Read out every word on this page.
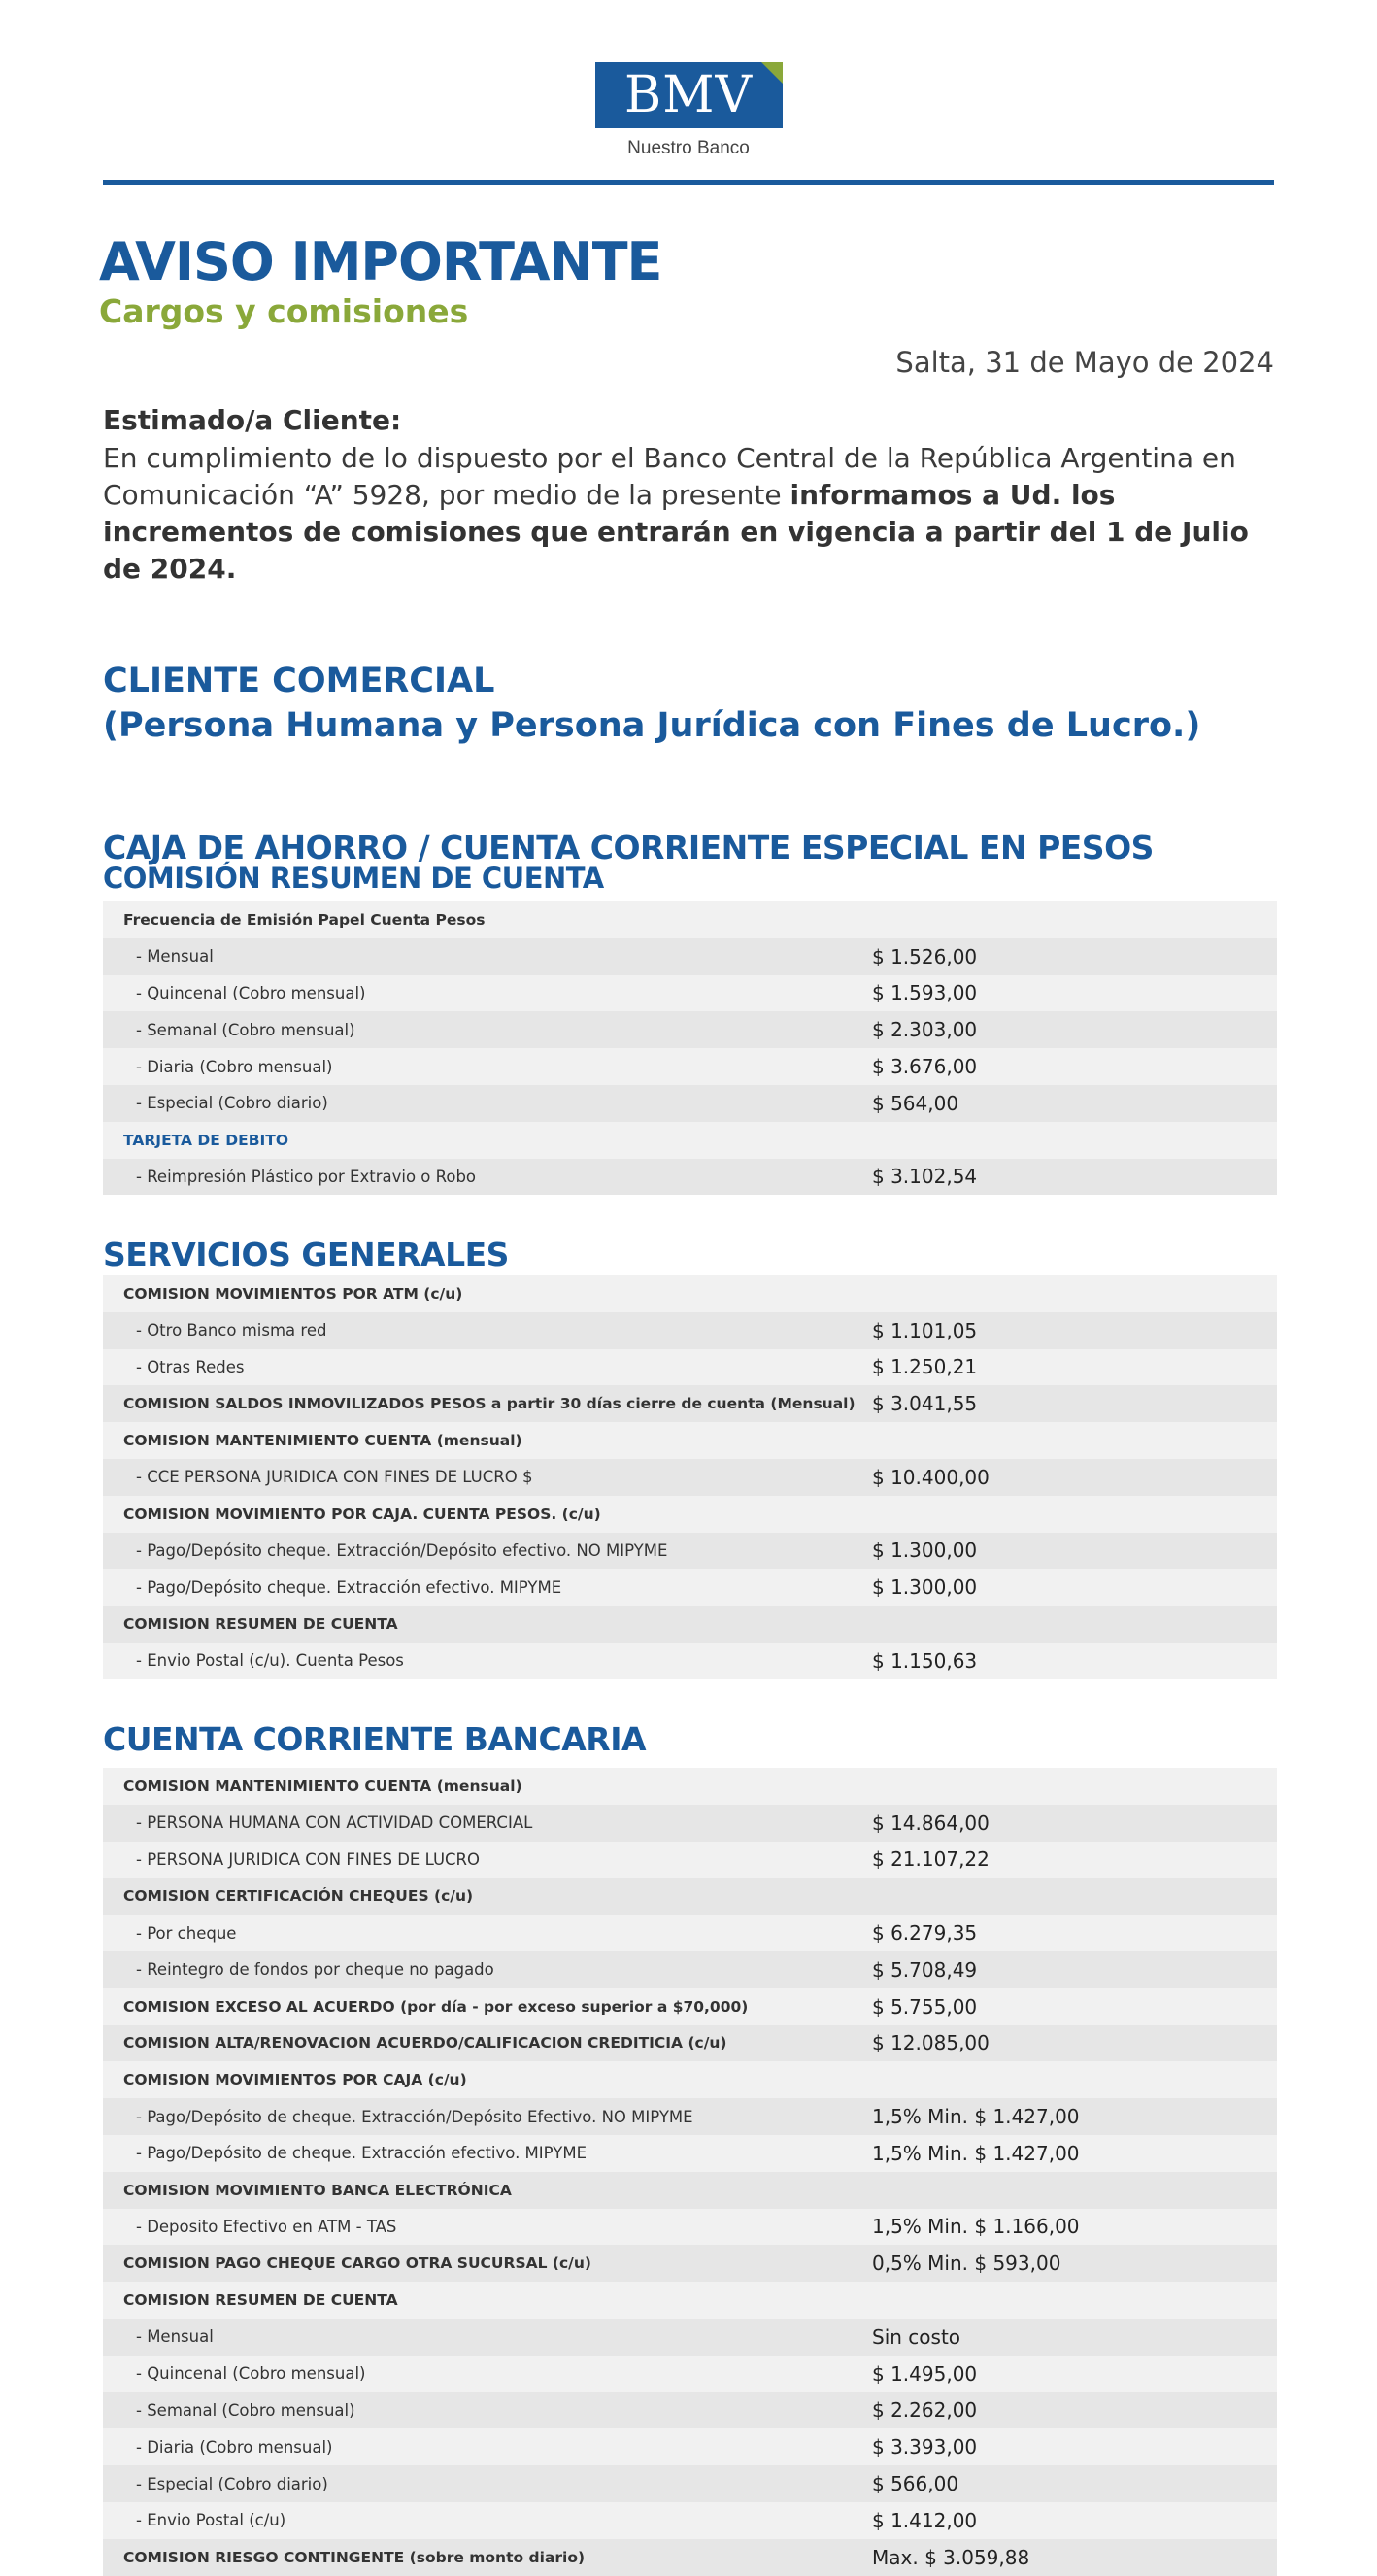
BMV
Nuestro Banco
AVISO IMPORTANTE
Cargos y comisiones
Salta, 31 de Mayo de 2024
Estimado/a Cliente:
En cumplimiento de lo dispuesto por el Banco Central de la República Argentina en Comunicación “A” 5928, por medio de la presente informamos a Ud. los incrementos de comisiones que entrarán en vigencia a partir del 1 de Julio de 2024.
CLIENTE COMERCIAL
(Persona Humana y Persona Jurídica con Fines de Lucro.)
CAJA DE AHORRO / CUENTA CORRIENTE ESPECIAL EN PESOS
COMISIÓN RESUMEN DE CUENTA
Frecuencia de Emisión Papel Cuenta Pesos
- Mensual	$ 1.526,00
- Quincenal (Cobro mensual)	$ 1.593,00
- Semanal (Cobro mensual)	$ 2.303,00
- Diaria (Cobro mensual)	$ 3.676,00
- Especial (Cobro diario)	$ 564,00
TARJETA DE DEBITO
- Reimpresión Plástico por Extravio o Robo	$ 3.102,54
SERVICIOS GENERALES
COMISION MOVIMIENTOS POR ATM (c/u)
- Otro Banco misma red	$ 1.101,05
- Otras Redes	$ 1.250,21
COMISION SALDOS INMOVILIZADOS PESOS a partir 30 días cierre de cuenta (Mensual) $ 3.041,55
COMISION MANTENIMIENTO CUENTA (mensual)
- CCE PERSONA JURIDICA CON FINES DE LUCRO $	$ 10.400,00
COMISION MOVIMIENTO POR CAJA. CUENTA PESOS. (c/u)
- Pago/Depósito cheque. Extracción/Depósito efectivo. NO MIPYME	$ 1.300,00
- Pago/Depósito cheque. Extracción efectivo. MIPYME	$ 1.300,00
COMISION RESUMEN DE CUENTA
- Envio Postal (c/u). Cuenta Pesos	$ 1.150,63
CUENTA CORRIENTE BANCARIA
COMISION MANTENIMIENTO CUENTA (mensual)
- PERSONA HUMANA CON ACTIVIDAD COMERCIAL	$ 14.864,00
- PERSONA JURIDICA CON FINES DE LUCRO	$ 21.107,22
COMISION CERTIFICACIÓN CHEQUES (c/u)
- Por cheque	$ 6.279,35
- Reintegro de fondos por cheque no pagado	$ 5.708,49
COMISION EXCESO AL ACUERDO (por día - por exceso superior a $70,000)	$ 5.755,00
COMISION ALTA/RENOVACION ACUERDO/CALIFICACION CREDITICIA (c/u)	$ 12.085,00
COMISION MOVIMIENTOS POR CAJA (c/u)
- Pago/Depósito de cheque. Extracción/Depósito Efectivo. NO MIPYME	1,5% Min. $ 1.427,00
- Pago/Depósito de cheque. Extracción efectivo. MIPYME	1,5% Min. $ 1.427,00
COMISION MOVIMIENTO BANCA ELECTRÓNICA
- Deposito Efectivo en ATM - TAS	1,5% Min. $ 1.166,00
COMISION PAGO CHEQUE CARGO OTRA SUCURSAL (c/u)	0,5% Min. $ 593,00
COMISION RESUMEN DE CUENTA
- Mensual	Sin costo
- Quincenal (Cobro mensual)	$ 1.495,00
- Semanal (Cobro mensual)	$ 2.262,00
- Diaria (Cobro mensual)	$ 3.393,00
- Especial (Cobro diario)	$ 566,00
- Envio Postal (c/u)	$ 1.412,00
COMISION RIESGO CONTINGENTE (sobre monto diario)	Max. $ 3.059,88
